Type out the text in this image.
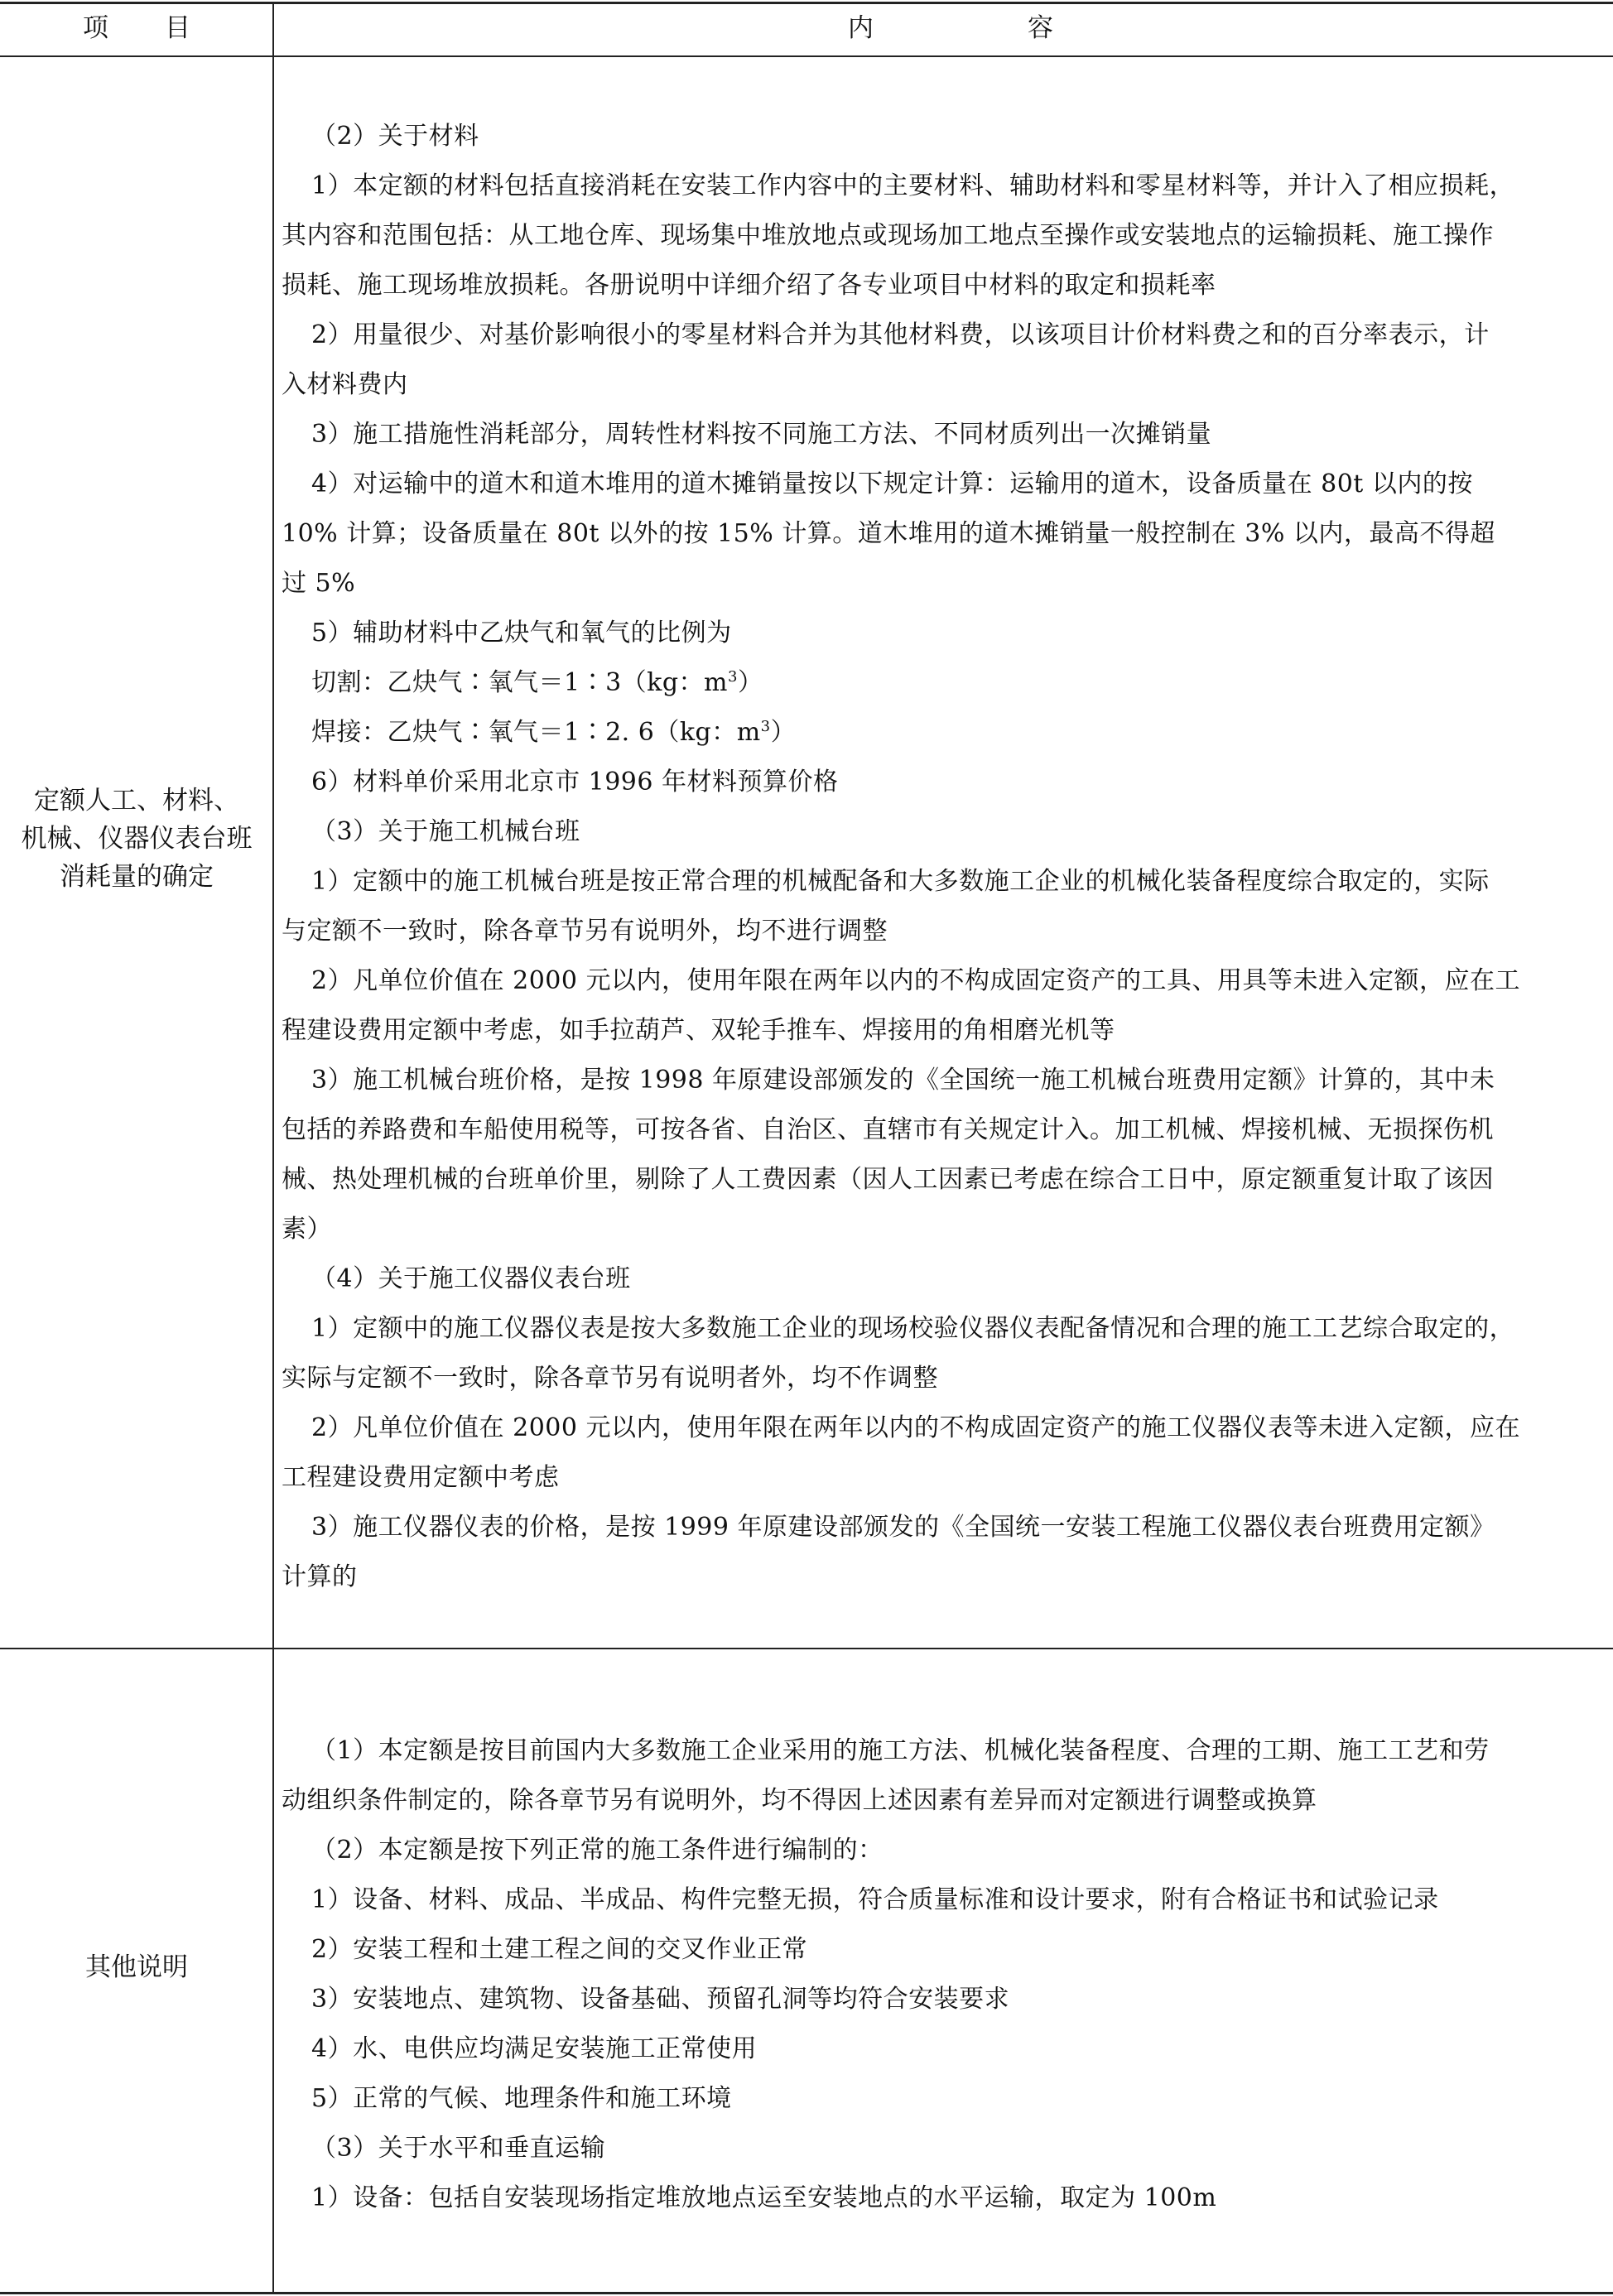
项 目	内	容
定额人工、材料、
机械、仪器仪表台班
消耗量的确定
（2）关于材料
1）本定额的材料包括直接消耗在安装工作内容中的主要材料、辅助材料和零星材料等，并计入了相应损耗，
其内容和范围包括：从工地仓库、现场集中堆放地点或现场加工地点至操作或安装地点的运输损耗、施工操作
损耗、施工现场堆放损耗。各册说明中详细介绍了各专业项目中材料的取定和损耗率
2）用量很少、对基价影响很小的零星材料合并为其他材料费，以该项目计价材料费之和的百分率表示，计
入材料费内
3）施工措施性消耗部分，周转性材料按不同施工方法、不同材质列出一次摊销量
4）对运输中的道木和道木堆用的道木摊销量按以下规定计算：运输用的道木，设备质量在 80t 以内的按
10% 计算；设备质量在 80t 以外的按 15% 计算。道木堆用的道木摊销量一般控制在 3% 以内，最高不得超
过 5%
5）辅助材料中乙炔气和氧气的比例为
切割：乙炔气∶氧气＝1∶3（kg：$m^3$）
焊接：乙炔气∶氧气＝1∶2. 6（kg：$m^3$）
6）材料单价采用北京市 1996 年材料预算价格
（3）关于施工机械台班
1）定额中的施工机械台班是按正常合理的机械配备和大多数施工企业的机械化装备程度综合取定的，实际
与定额不一致时，除各章节另有说明外，均不进行调整
2）凡单位价值在 2000 元以内，使用年限在两年以内的不构成固定资产的工具、用具等未进入定额，应在工
程建设费用定额中考虑，如手拉葫芦、双轮手推车、焊接用的角相磨光机等
3）施工机械台班价格，是按 1998 年原建设部颁发的《全国统一施工机械台班费用定额》计算的，其中未
包括的养路费和车船使用税等，可按各省、自治区、直辖市有关规定计入。加工机械、焊接机械、无损探伤机
械、热处理机械的台班单价里，剔除了人工费因素（因人工因素已考虑在综合工日中，原定额重复计取了该因
素）
（4）关于施工仪器仪表台班
1）定额中的施工仪器仪表是按大多数施工企业的现场校验仪器仪表配备情况和合理的施工工艺综合取定的，
实际与定额不一致时，除各章节另有说明者外，均不作调整
2）凡单位价值在 2000 元以内，使用年限在两年以内的不构成固定资产的施工仪器仪表等未进入定额，应在
工程建设费用定额中考虑
3）施工仪器仪表的价格，是按 1999 年原建设部颁发的《全国统一安装工程施工仪器仪表台班费用定额》
计算的
其他说明
（1）本定额是按目前国内大多数施工企业采用的施工方法、机械化装备程度、合理的工期、施工工艺和劳
动组织条件制定的，除各章节另有说明外，均不得因上述因素有差异而对定额进行调整或换算
（2）本定额是按下列正常的施工条件进行编制的：
1）设备、材料、成品、半成品、构件完整无损，符合质量标准和设计要求，附有合格证书和试验记录
2）安装工程和土建工程之间的交叉作业正常
3）安装地点、建筑物、设备基础、预留孔洞等均符合安装要求
4）水、电供应均满足安装施工正常使用
5）正常的气候、地理条件和施工环境
（3）关于水平和垂直运输
1）设备：包括自安装现场指定堆放地点运至安装地点的水平运输，取定为 100m
